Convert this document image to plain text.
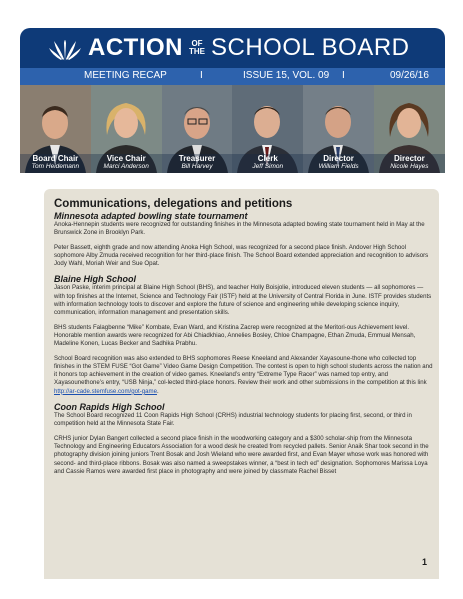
ACTION	OF
THE SCHOOL BOARD
MEETING RECAP	I	ISSUE 15, VOL. 09 I	09/26/16
Board Chair
Tom Heidemann
Vice Chair
Marci Anderson
Treasurer
Bill Harvey
Clerk
Jeff Simon
Director
William Fields
Director
Nicole Hayes
Communications, delegations and petitions
Minnesota adapted bowling state tournament

Anoka-Hennepin students were recognized for outstanding finishes in the Minnesota adapted bowling state tournament held in May at the Brunswick Zone in Brooklyn Park.

Peter Bassett, eighth grade and now attending Anoka High School, was recognized for a second place finish. Andover High School sophomore Alby Zmuda received recognition for her third-place finish. The School Board extended appreciation and recognition to advisors Jody Wahl, Moriah Weir and Sue Opat.

Blaine High School

Jason Paske, interim principal at Blaine High School (BHS), and teacher Holly Boisjolie, introduced eleven students — all sophomores — with top finishes at the Intemet, Science and Technology Fair (ISTF) held at the University of Central Florida in June. ISTF provides students with information technology tools to discover and explore the future of science and engineering while developing science inquiry, communication, information management and presentation skills.

BHS students Falagbenne “Mike” Kombate, Evan Ward, and Kristina Zacrep were recognized at the Meritori-ous Achievement level. Honorable mention awards were recognized for Abi Chiadkhiao, Annelies Bosley, Chloe Champagne, Ethan Zmuda, Emmual Mensah, Madeline Konen, Lucas Becker and Sadhika Prabhu.

School Board recognition was also extended to BHS sophomores Reese Kneeland and Alexander Xayasoune-thone who collected top finishes in the STEM FUSE “Got Game” Video Game Design Competition. The contest is open to high school students across the nation and it honors top achievement in the creation of video games. Kneeland’s entry “Extreme Type Racer” was named top entry, and Xayasounethone’s entry, “USB Ninja,” col-lected third-place honors. Review their work and other submissions in the competition at this link http://ar-cade.stemfuse.com/got-game.

Coon Rapids High School

The School Board recognized 11 Coon Rapids High School (CRHS) industrial technology students for placing first, second, or third in competition held at the Minnesota State Fair.

CRHS junior Dylan Bangert collected a second place finish in the woodworking category and a $300 scholar-ship from the Minnesota Technology and Engineering Educators Association for a wood desk he created from recycled pallets. Senior Anaik Shar took second in the photography division joining juniors Trent Bosak and Josh Wieland who were awarded first, and Evan Mayer whose work was honored with second- and third-place ribbons. Bosak was also named a sweepstakes winner, a “best in tech ed” designation. Sophomores Marissa Loya and Cassie Ramos were awarded first place in photography and were joined by classmate Rachel Bisset

1
